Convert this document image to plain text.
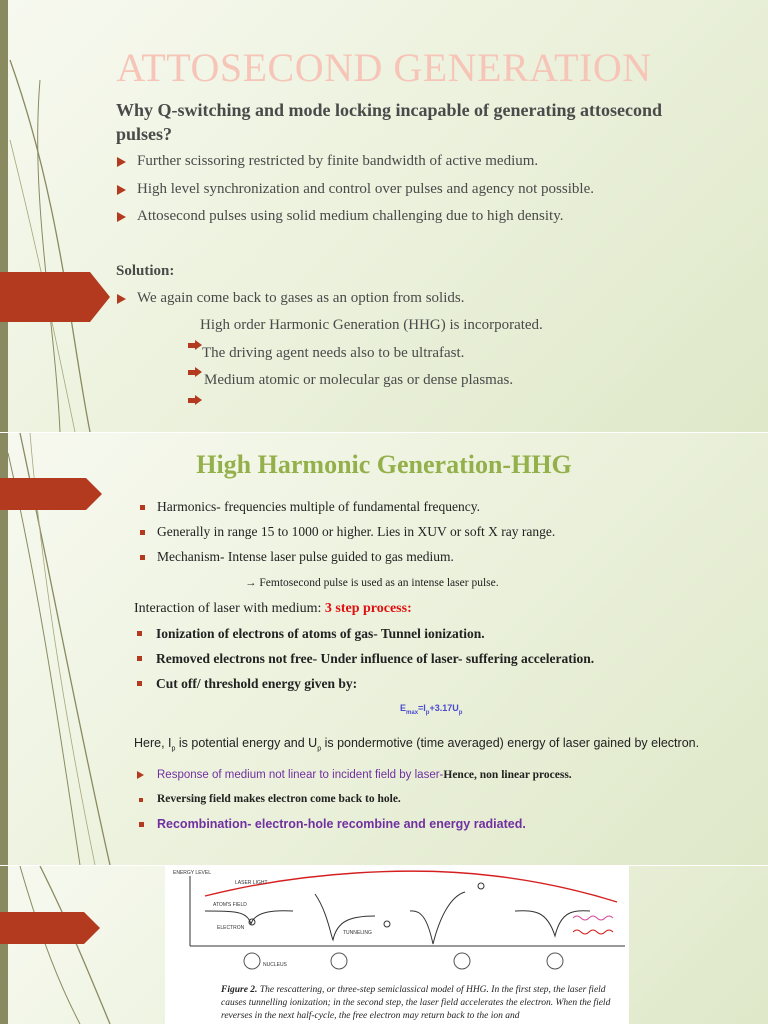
ATTOSECOND GENERATION
Why Q-switching and mode locking incapable of generating attosecond pulses?
Further scissoring restricted by finite bandwidth of active medium.
High level synchronization and control over pulses and agency not possible.
Attosecond pulses using solid medium challenging due to high density.
Solution:
We again come back to gases as an option from solids.
High order Harmonic Generation (HHG) is incorporated.
The driving agent needs also to be ultrafast.
Medium atomic or molecular gas or dense plasmas.
High Harmonic Generation-HHG
Harmonics- frequencies multiple of fundamental frequency.
Generally in range 15 to 1000 or higher. Lies in XUV or soft X ray range.
Mechanism- Intense laser pulse guided to gas medium.
→ Femtosecond pulse is used as an intense laser pulse.
Interaction of laser with medium: 3 step process:
Ionization of electrons of atoms of gas- Tunnel ionization.
Removed electrons not free- Under influence of laser- suffering acceleration.
Cut off/ threshold energy given by:
$E_{max}=I_p+3.17U_p$
Here, $I_p$ is potential energy and $U_p$ is pondermotive (time averaged) energy of laser gained by electron.
Response of medium not linear to incident field by laser-Hence, non linear process.
Reversing field makes electron come back to hole.
Recombination- electron-hole recombine and energy radiated.
ENERGY LEVEL
LASER LIGHT
ATOM'S FIELD
ELECTRON
NUCLEUS
TUNNELING
Figure 2. The rescattering, or three-step semiclassical model of HHG. In the first step, the laser field causes tunnelling ionization; in the second step, the laser field accelerates the electron. When the field reverses in the next half-cycle, the free electron may return back to the ion and
